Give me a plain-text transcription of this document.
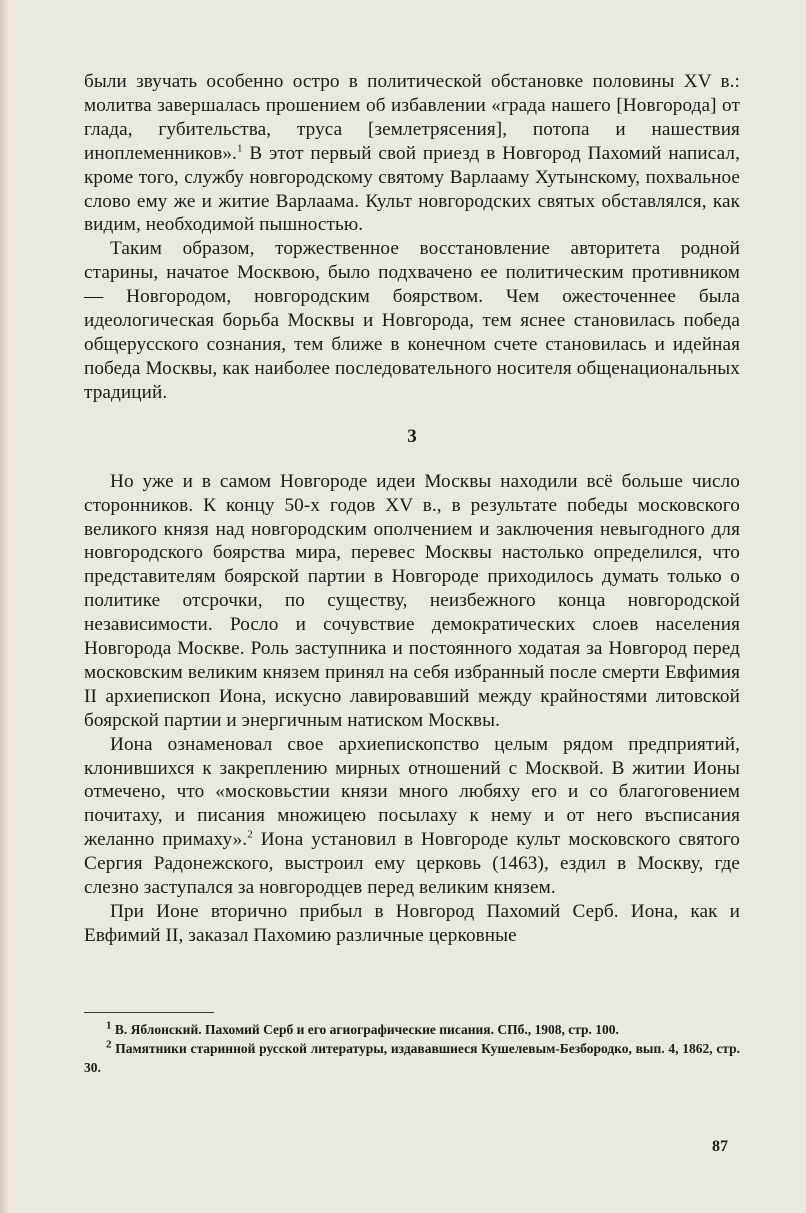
были звучать особенно остро в политической обстановке половины XV в.: молитва завершалась прошением об избавлении «града нашего [Новгорода] от глада, губительства, труса [землетрясения], потопа и нашествия иноплеменников».$^1$ В этот первый свой приезд в Новгород Пахомий написал, кроме того, службу новгородскому святому Варлааму Хутынскому, похвальное слово ему же и житие Варлаама. Культ новгородских святых обставлялся, как видим, необходимой пышностью.

Таким образом, торжественное восстановление авторитета родной старины, начатое Москвою, было подхвачено ее политическим противником — Новгородом, новгородским боярством. Чем ожесточеннее была идеологическая борьба Москвы и Новгорода, тем яснее становилась победа общерусского сознания, тем ближе в конечном счете становилась и идейная победа Москвы, как наиболее последовательного носителя общенациональных традиций.

3

Но уже и в самом Новгороде идеи Москвы находили всё больше число сторонников. К концу 50-х годов XV в., в результате победы московского великого князя над новгородским ополчением и заключения невыгодного для новгородского боярства мира, перевес Москвы настолько определился, что представителям боярской партии в Новгороде приходилось думать только о политике отсрочки, по существу, неизбежного конца новгородской независимости. Росло и сочувствие демократических слоев населения Новгорода Москве. Роль заступника и постоянного ходатая за Новгород перед московским великим князем принял на себя избранный после смерти Евфимия II архиепископ Иона, искусно лавировавший между крайностями литовской боярской партии и энергичным натиском Москвы.

Иона ознаменовал свое архиепископство целым рядом предприятий, клонившихся к закреплению мирных отношений с Москвой. В житии Ионы отмечено, что «московьстии князи много любяху его и со благоговением почитаху, и писания множицею посылаху к нему и от него въсписания желанно примаху».$^2$ Иона установил в Новгороде культ московского святого Сергия Радонежского, выстроил ему церковь (1463), ездил в Москву, где слезно заступался за новгородцев перед великим князем.

При Ионе вторично прибыл в Новгород Пахомий Серб. Иона, как и Евфимий II, заказал Пахомию различные церковные

$^1$ В. Яблонский. Пахомий Серб и его агиографические писания. СПб., 1908, стр. 100.

$^2$ Памятники старинной русской литературы, издававшиеся Кушелевым-Безбородко, вып. 4, 1862, стр. 30.

87
